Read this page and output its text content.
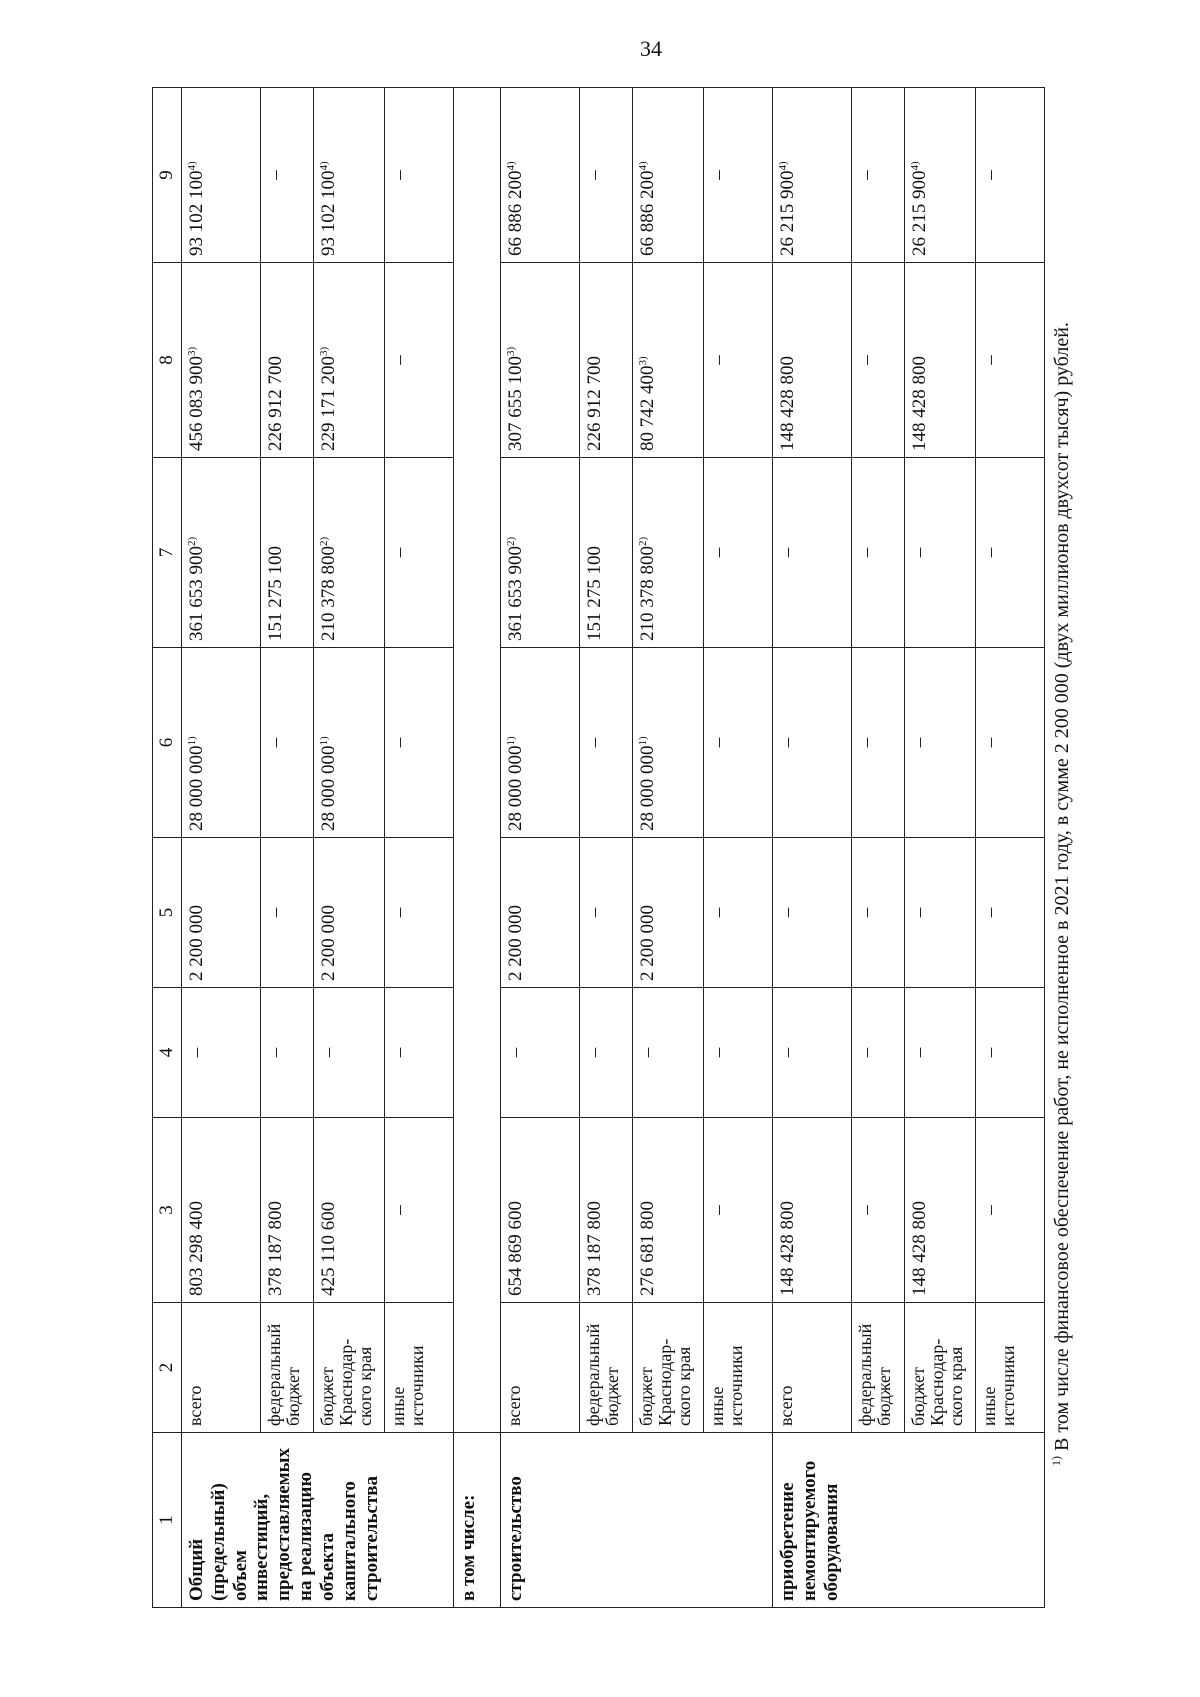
34
1	2	3	4	5	6	7	8	9
Общий (предельный) объем инвестиций, предоставляемых на реализацию объекта капитального строительства	всего	803 298 400	–	2 200 000	28 000 000$^{1)}$	361 653 900$^{2)}$	456 083 900$^{3)}$	93 102 100$^{4)}$
	федеральный бюджет	378 187 800	–	–	–	151 275 100	226 912 700	–
	бюджет Краснодар-ского края	425 110 600	–	2 200 000	28 000 000$^{1)}$	210 378 800$^{2)}$	229 171 200$^{3)}$	93 102 100$^{4)}$
	иные источники	–	–	–	–	–	–	–
в том числе:								
строительство	всего	654 869 600	–	2 200 000	28 000 000$^{1)}$	361 653 900$^{2)}$	307 655 100$^{3)}$	66 886 200$^{4)}$
	федеральный бюджет	378 187 800	–	–	–	151 275 100	226 912 700	–
	бюджет Краснодар-ского края	276 681 800	–	2 200 000	28 000 000$^{1)}$	210 378 800$^{2)}$	80 742 400$^{3)}$	66 886 200$^{4)}$
	иные источники	–	–	–	–	–	–	–
приобретение немонтируемого оборудования	всего	148 428 800	–	–	–	–	148 428 800	26 215 900$^{4)}$
	федеральный бюджет	–	–	–	–	–	–	–
	бюджет Краснодар-ского края	148 428 800	–	–	–	–	148 428 800	26 215 900$^{4)}$
	иные источники	–	–	–	–	–	–	–
$^{1)}$ В том числе финансовое обеспечение работ, не исполненное в 2021 году, в сумме 2 200 000 (двух миллионов двухсот тысяч) рублей.
